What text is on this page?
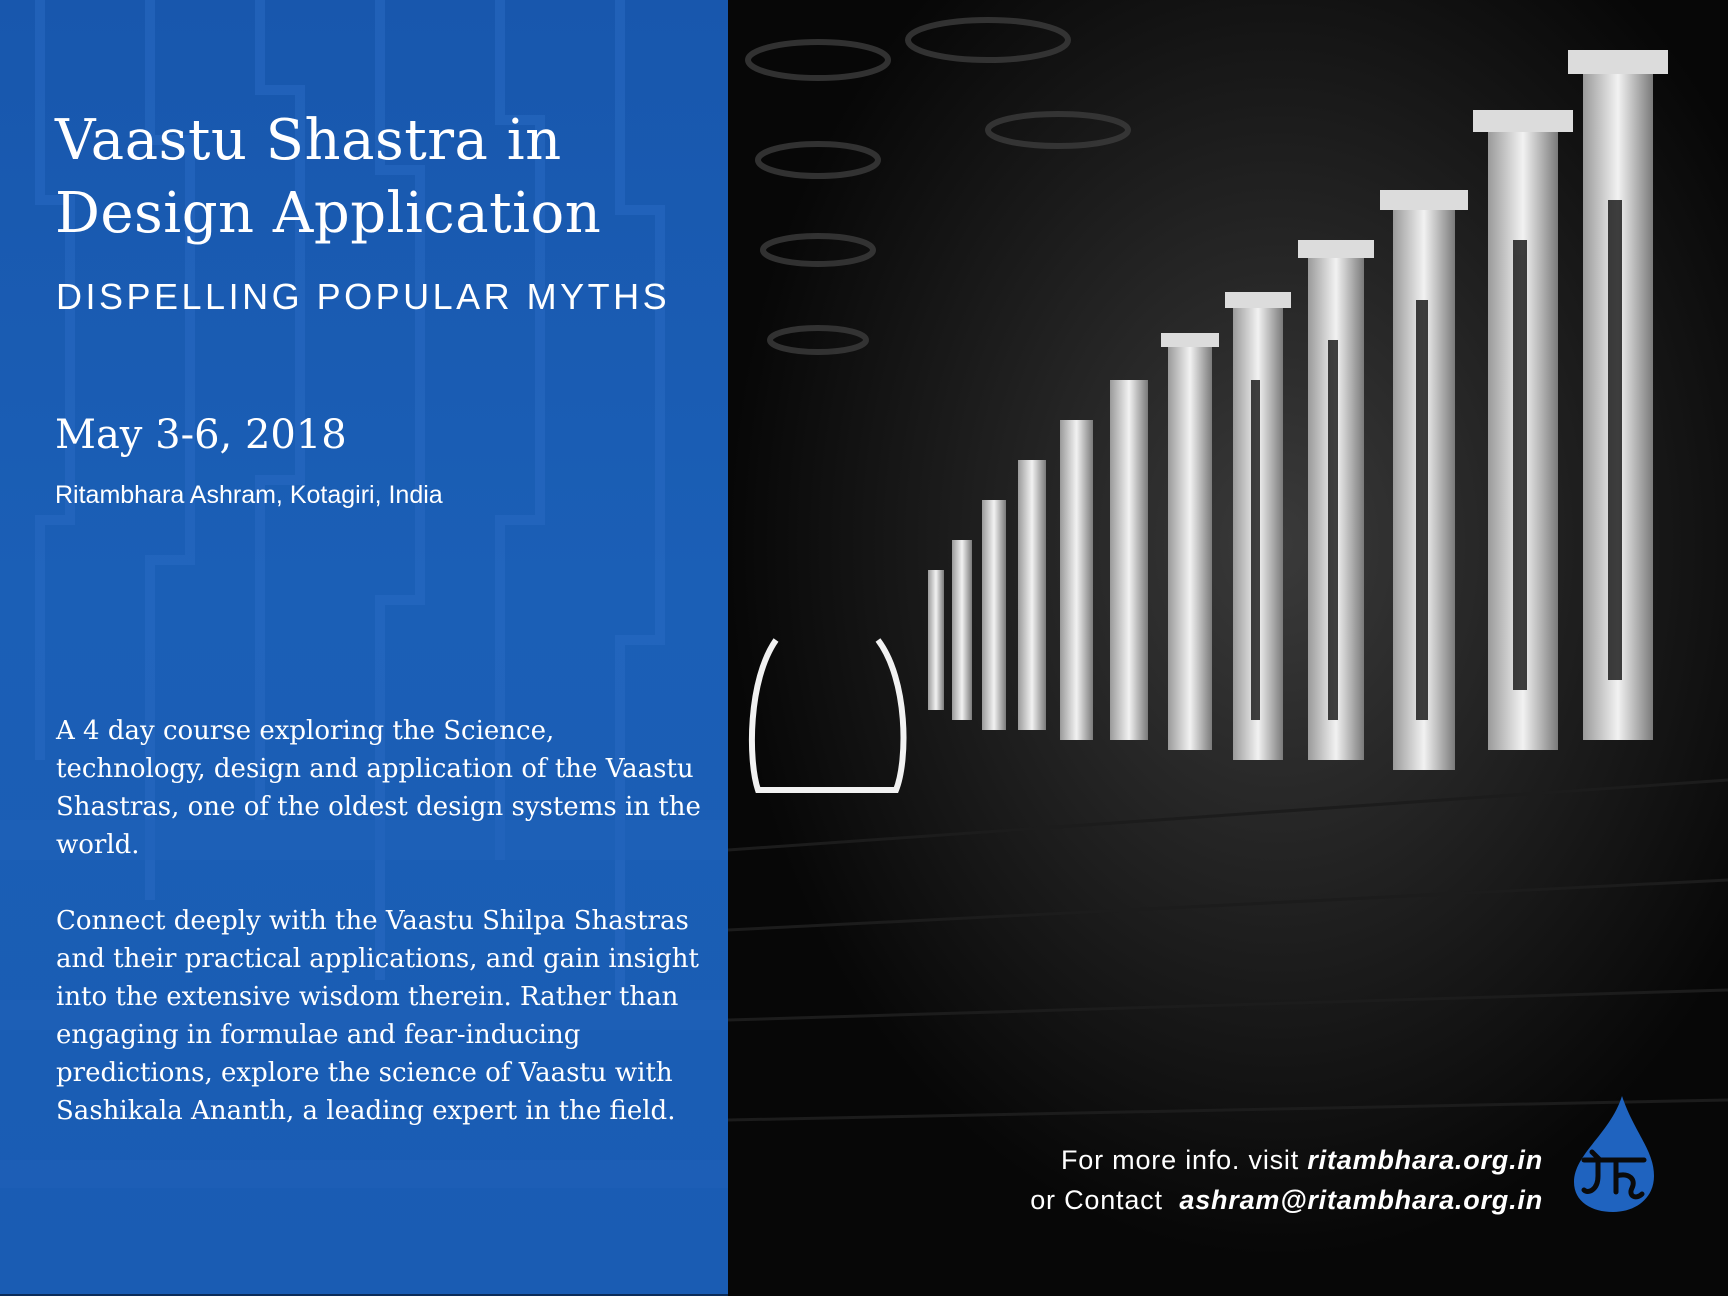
Vaastu Shastra in
Design Application
DISPELLING POPULAR MYTHS
May 3-6, 2018
Ritambhara Ashram, Kotagiri, India

A 4 day course exploring the Science, technology, design and application of the Vaastu Shastras, one of the oldest design systems in the world.

Connect deeply with the Vaastu Shilpa Shastras and their practical applications, and gain insight into the extensive wisdom therein. Rather than engaging in formulae and fear-inducing predictions, explore the science of Vaastu with Sashikala Ananth, a leading expert in the field.

For more info. visit ritambhara.org.in
or Contact ashram@ritambhara.org.in
